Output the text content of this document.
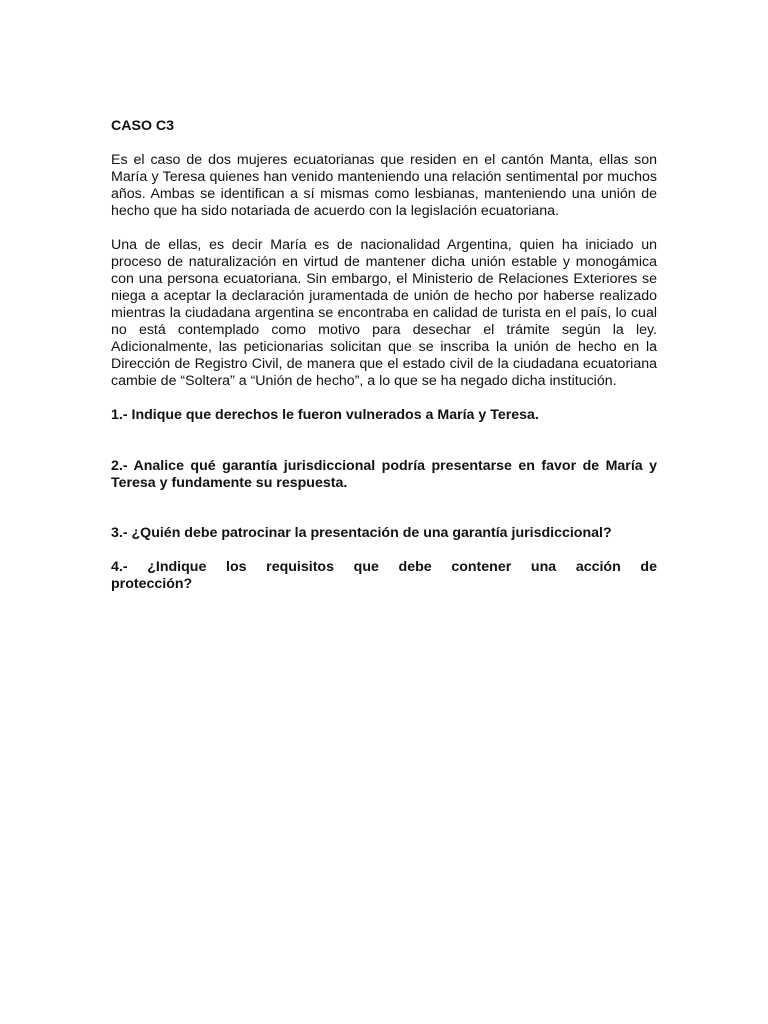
CASO C3

Es el caso de dos mujeres ecuatorianas que residen en el cantón Manta, ellas son María y Teresa quienes han venido manteniendo una relación sentimental por muchos años. Ambas se identifican a sí mismas como lesbianas, manteniendo una unión de hecho que ha sido notariada de acuerdo con la legislación ecuatoriana.

Una de ellas, es decir María es de nacionalidad Argentina, quien ha iniciado un proceso de naturalización en virtud de mantener dicha unión estable y monogámica con una persona ecuatoriana. Sin embargo, el Ministerio de Relaciones Exteriores se niega a aceptar la declaración juramentada de unión de hecho por haberse realizado mientras la ciudadana argentina se encontraba en calidad de turista en el país, lo cual no está contemplado como motivo para desechar el trámite según la ley. Adicionalmente, las peticionarias solicitan que se inscriba la unión de hecho en la Dirección de Registro Civil, de manera que el estado civil de la ciudadana ecuatoriana cambie de “Soltera” a “Unión de hecho”, a lo que se ha negado dicha institución.

1.- Indique que derechos le fueron vulnerados a María y Teresa.

2.- Analice qué garantía jurisdiccional podría presentarse en favor de María y Teresa y fundamente su respuesta.

3.- ¿Quién debe patrocinar la presentación de una garantía jurisdiccional?

4.- ¿Indique los requisitos que debe contener una acción de
protección?
